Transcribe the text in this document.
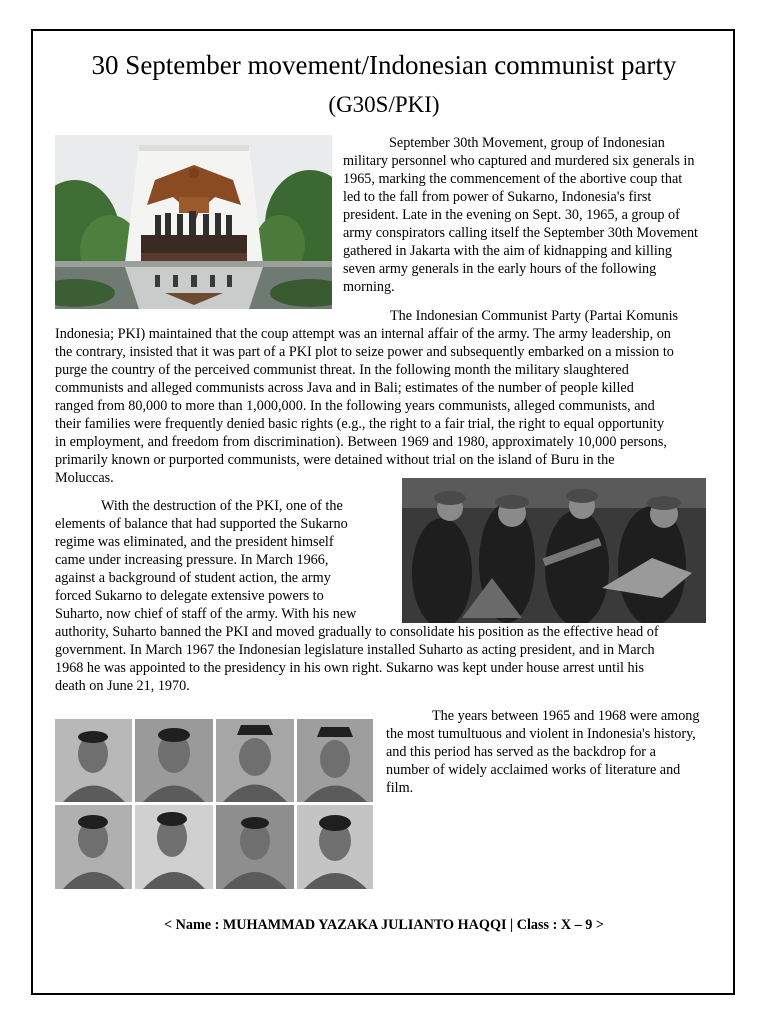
30 September movement/Indonesian communist party
(G30S/PKI)
September 30th Movement, group of Indonesian
military personnel who captured and murdered six generals in
1965, marking the commencement of the abortive coup that
led to the fall from power of Sukarno, Indonesia's first
president. Late in the evening on Sept. 30, 1965, a group of
army conspirators calling itself the September 30th Movement
gathered in Jakarta with the aim of kidnapping and killing
seven army generals in the early hours of the following
morning.
The Indonesian Communist Party (Partai Komunis
Indonesia; PKI) maintained that the coup attempt was an internal affair of the army. The army leadership, on
the contrary, insisted that it was part of a PKI plot to seize power and subsequently embarked on a mission to
purge the country of the perceived communist threat. In the following month the military slaughtered
communists and alleged communists across Java and in Bali; estimates of the number of people killed
ranged from 80,000 to more than 1,000,000. In the following years communists, alleged communists, and
their families were frequently denied basic rights (e.g., the right to a fair trial, the right to equal opportunity
in employment, and freedom from discrimination). Between 1969 and 1980, approximately 10,000 persons,
primarily known or purported communists, were detained without trial on the island of Buru in the
Moluccas.
With the destruction of the PKI, one of the
elements of balance that had supported the Sukarno
regime was eliminated, and the president himself
came under increasing pressure. In March 1966,
against a background of student action, the army
forced Sukarno to delegate extensive powers to
Suharto, now chief of staff of the army. With his new
authority, Suharto banned the PKI and moved gradually to consolidate his position as the effective head of
government. In March 1967 the Indonesian legislature installed Suharto as acting president, and in March
1968 he was appointed to the presidency in his own right. Sukarno was kept under house arrest until his
death on June 21, 1970.
The years between 1965 and 1968 were among
the most tumultuous and violent in Indonesia's history,
and this period has served as the backdrop for a
number of widely acclaimed works of literature and
film.
< Name : MUHAMMAD YAZAKA JULIANTO HAQQI | Class : X – 9 >
